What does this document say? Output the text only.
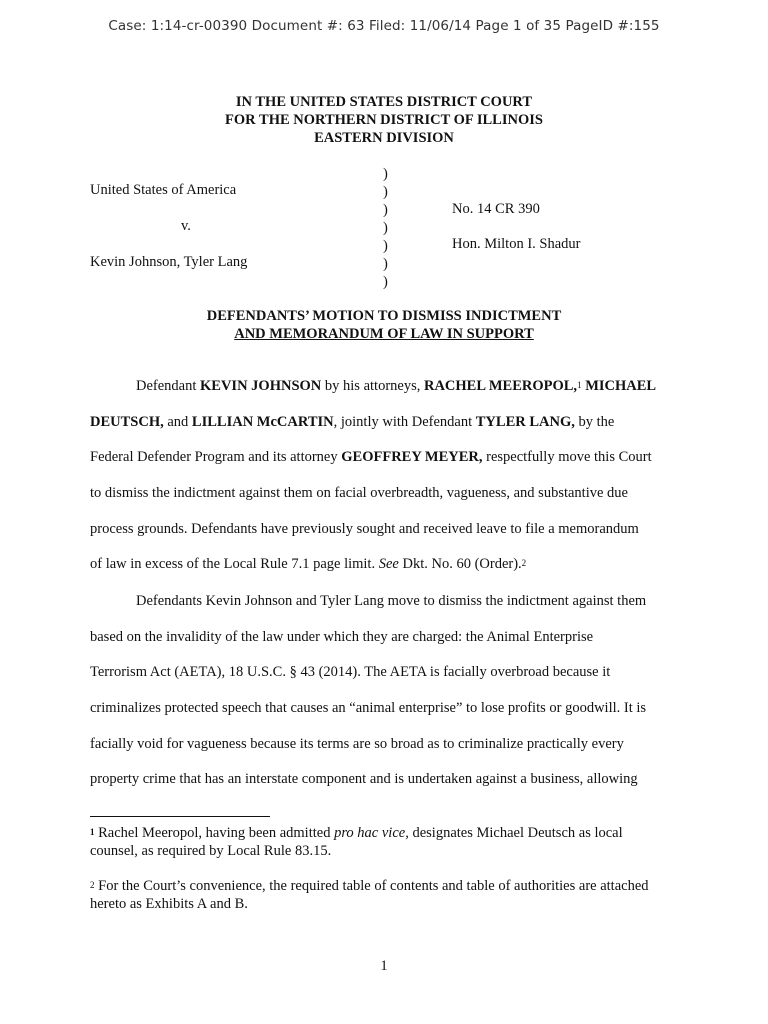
Case: 1:14-cr-00390 Document #: 63 Filed: 11/06/14 Page 1 of 35 PageID #:155
IN THE UNITED STATES DISTRICT COURT
FOR THE NORTHERN DISTRICT OF ILLINOIS
EASTERN DIVISION
United States of America
v.
Kevin Johnson, Tyler Lang
)
)
)
)
)
)
)
No. 14 CR 390
Hon. Milton I. Shadur
DEFENDANTS’ MOTION TO DISMISS INDICTMENT
AND MEMORANDUM OF LAW IN SUPPORT
Defendant KEVIN JOHNSON by his attorneys, RACHEL MEEROPOL,$^1$ MICHAEL
DEUTSCH, and LILLIAN McCARTIN, jointly with Defendant TYLER LANG, by the
Federal Defender Program and its attorney GEOFFREY MEYER, respectfully move this Court
to dismiss the indictment against them on facial overbreadth, vagueness, and substantive due
process grounds. Defendants have previously sought and received leave to file a memorandum
of law in excess of the Local Rule 7.1 page limit. See Dkt. No. 60 (Order).$^2$
Defendants Kevin Johnson and Tyler Lang move to dismiss the indictment against them
based on the invalidity of the law under which they are charged: the Animal Enterprise
Terrorism Act (AETA), 18 U.S.C. § 43 (2014). The AETA is facially overbroad because it
criminalizes protected speech that causes an “animal enterprise” to lose profits or goodwill. It is
facially void for vagueness because its terms are so broad as to criminalize practically every
property crime that has an interstate component and is undertaken against a business, allowing
$^1$ Rachel Meeropol, having been admitted pro hac vice, designates Michael Deutsch as local
counsel, as required by Local Rule 83.15.
$^2$ For the Court’s convenience, the required table of contents and table of authorities are attached
hereto as Exhibits A and B.
1
